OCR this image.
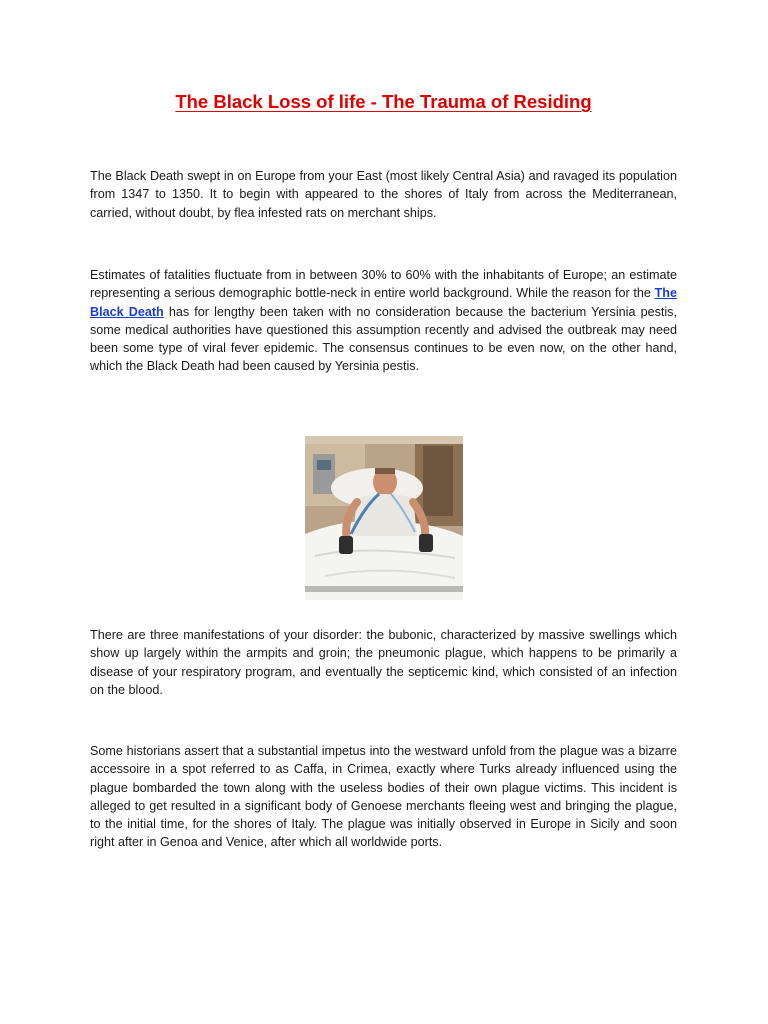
The Black Loss of life - The Trauma of Residing

The Black Death swept in on Europe from your East (most likely Central Asia) and ravaged its population from 1347 to 1350. It to begin with appeared to the shores of Italy from across the Mediterranean, carried, without doubt, by flea infested rats on merchant ships.

Estimates of fatalities fluctuate from in between 30% to 60% with the inhabitants of Europe; an estimate representing a serious demographic bottle-neck in entire world background. While the reason for the The Black Death has for lengthy been taken with no consideration because the bacterium Yersinia pestis, some medical authorities have questioned this assumption recently and advised the outbreak may need been some type of viral fever epidemic. The consensus continues to be even now, on the other hand, which the Black Death had been caused by Yersinia pestis.

There are three manifestations of your disorder: the bubonic, characterized by massive swellings which show up largely within the armpits and groin; the pneumonic plague, which happens to be primarily a disease of your respiratory program, and eventually the septicemic kind, which consisted of an infection on the blood.

Some historians assert that a substantial impetus into the westward unfold from the plague was a bizarre accessoire in a spot referred to as Caffa, in Crimea, exactly where Turks already influenced using the plague bombarded the town along with the useless bodies of their own plague victims. This incident is alleged to get resulted in a significant body of Genoese merchants fleeing west and bringing the plague, to the initial time, for the shores of Italy. The plague was initially observed in Europe in Sicily and soon right after in Genoa and Venice, after which all worldwide ports.
